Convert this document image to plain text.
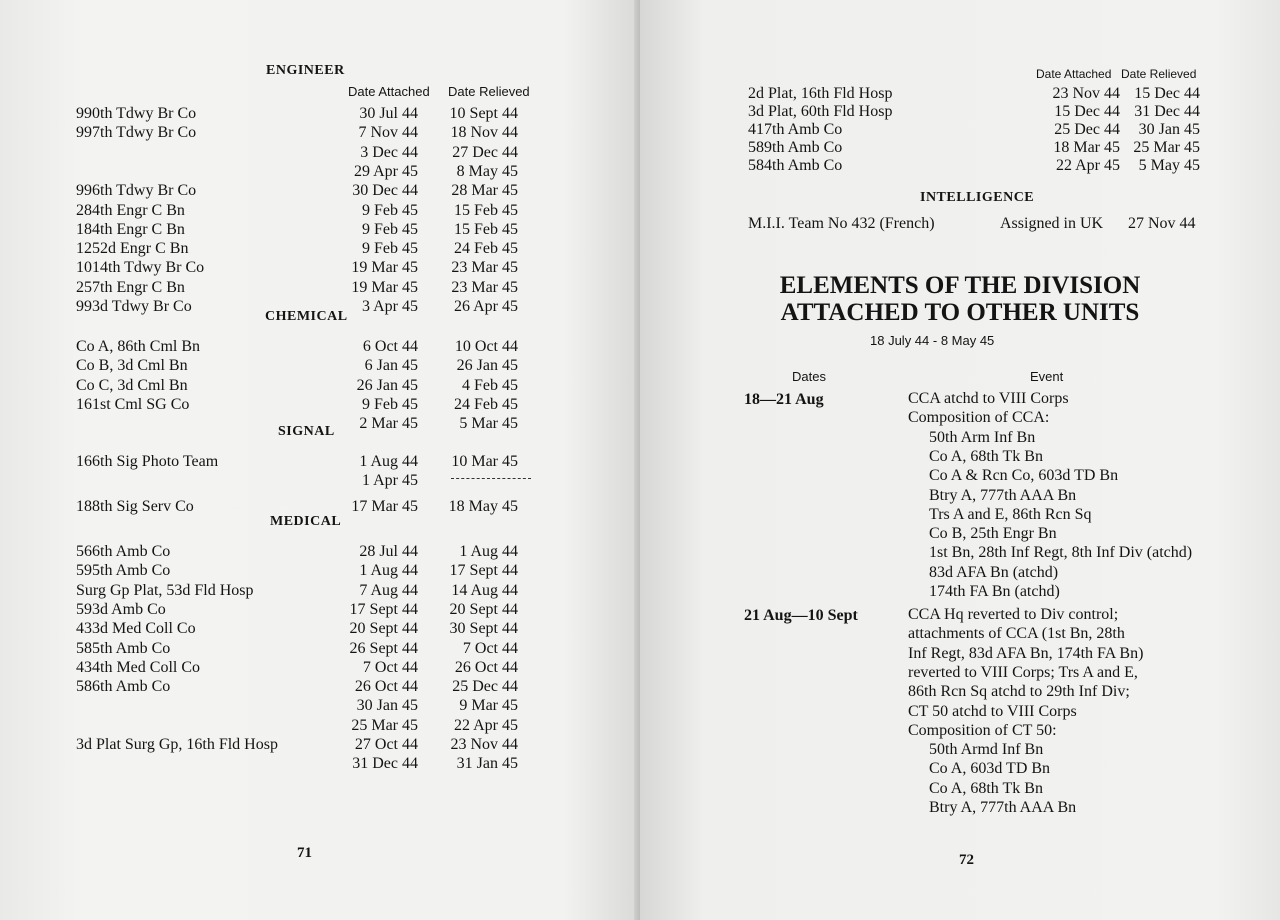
ENGINEER
Date Attached Date Relieved
990th Tdwy Br Co	30 Jul 44	10 Sept 44
997th Tdwy Br Co	7 Nov 44	18 Nov 44
3 Dec 44	27 Dec 44
29 Apr 45	8 May 45
996th Tdwy Br Co	30 Dec 44	28 Mar 45
284th Engr C Bn	9 Feb 45	15 Feb 45
184th Engr C Bn	9 Feb 45	15 Feb 45
1252d Engr C Bn	9 Feb 45	24 Feb 45
1014th Tdwy Br Co	19 Mar 45	23 Mar 45
257th Engr C Bn	19 Mar 45	23 Mar 45
993d Tdwy Br Co	3 Apr 45	26 Apr 45
CHEMICAL
Co A, 86th Cml Bn	6 Oct 44	10 Oct 44
Co B, 3d Cml Bn	6 Jan 45	26 Jan 45
Co C, 3d Cml Bn	26 Jan 45	4 Feb 45
161st Cml SG Co	9 Feb 45	24 Feb 45
2 Mar 45	5 Mar 45
SIGNAL
166th Sig Photo Team	1 Aug 44	10 Mar 45
1 Apr 45
188th Sig Serv Co	17 Mar 45	18 May 45
MEDICAL
566th Amb Co	28 Jul 44	1 Aug 44
595th Amb Co	1 Aug 44	17 Sept 44
Surg Gp Plat, 53d Fld Hosp	7 Aug 44	14 Aug 44
593d Amb Co	17 Sept 44	20 Sept 44
433d Med Coll Co	20 Sept 44	30 Sept 44
585th Amb Co	26 Sept 44	7 Oct 44
434th Med Coll Co	7 Oct 44	26 Oct 44
586th Amb Co	26 Oct 44	25 Dec 44
30 Jan 45	9 Mar 45
25 Mar 45	22 Apr 45
3d Plat Surg Gp, 16th Fld Hosp	27 Oct 44	23 Nov 44
31 Dec 44	31 Jan 45
71
Date Attached Date Relieved
2d Plat, 16th Fld Hosp	23 Nov 44 15 Dec 44
3d Plat, 60th Fld Hosp	15 Dec 44 31 Dec 44
417th Amb Co	25 Dec 44	30 Jan 45
589th Amb Co	18 Mar 45 25 Mar 45
584th Amb Co	22 Apr 45	5 May 45
INTELLIGENCE
M.I.I. Team No 432 (French)	Assigned in UK 27 Nov 44
ELEMENTS OF THE DIVISION
ATTACHED TO OTHER UNITS
18 July 44 - 8 May 45
Dates	Event
18—21 Aug	CCA atchd to VIII Corps
Composition of CCA:
50th Arm Inf Bn
Co A, 68th Tk Bn
Co A & Rcn Co, 603d TD Bn
Btry A, 777th AAA Bn
Trs A and E, 86th Rcn Sq
Co B, 25th Engr Bn
1st Bn, 28th Inf Regt, 8th Inf Div (atchd)
83d AFA Bn (atchd)
174th FA Bn (atchd)
21 Aug—10 Sept	CCA Hq reverted to Div control;
attachments of CCA (1st Bn, 28th
Inf Regt, 83d AFA Bn, 174th FA Bn)
reverted to VIII Corps; Trs A and E,
86th Rcn Sq atchd to 29th Inf Div;
CT 50 atchd to VIII Corps
Composition of CT 50:
50th Armd Inf Bn
Co A, 603d TD Bn
Co A, 68th Tk Bn
Btry A, 777th AAA Bn
72
